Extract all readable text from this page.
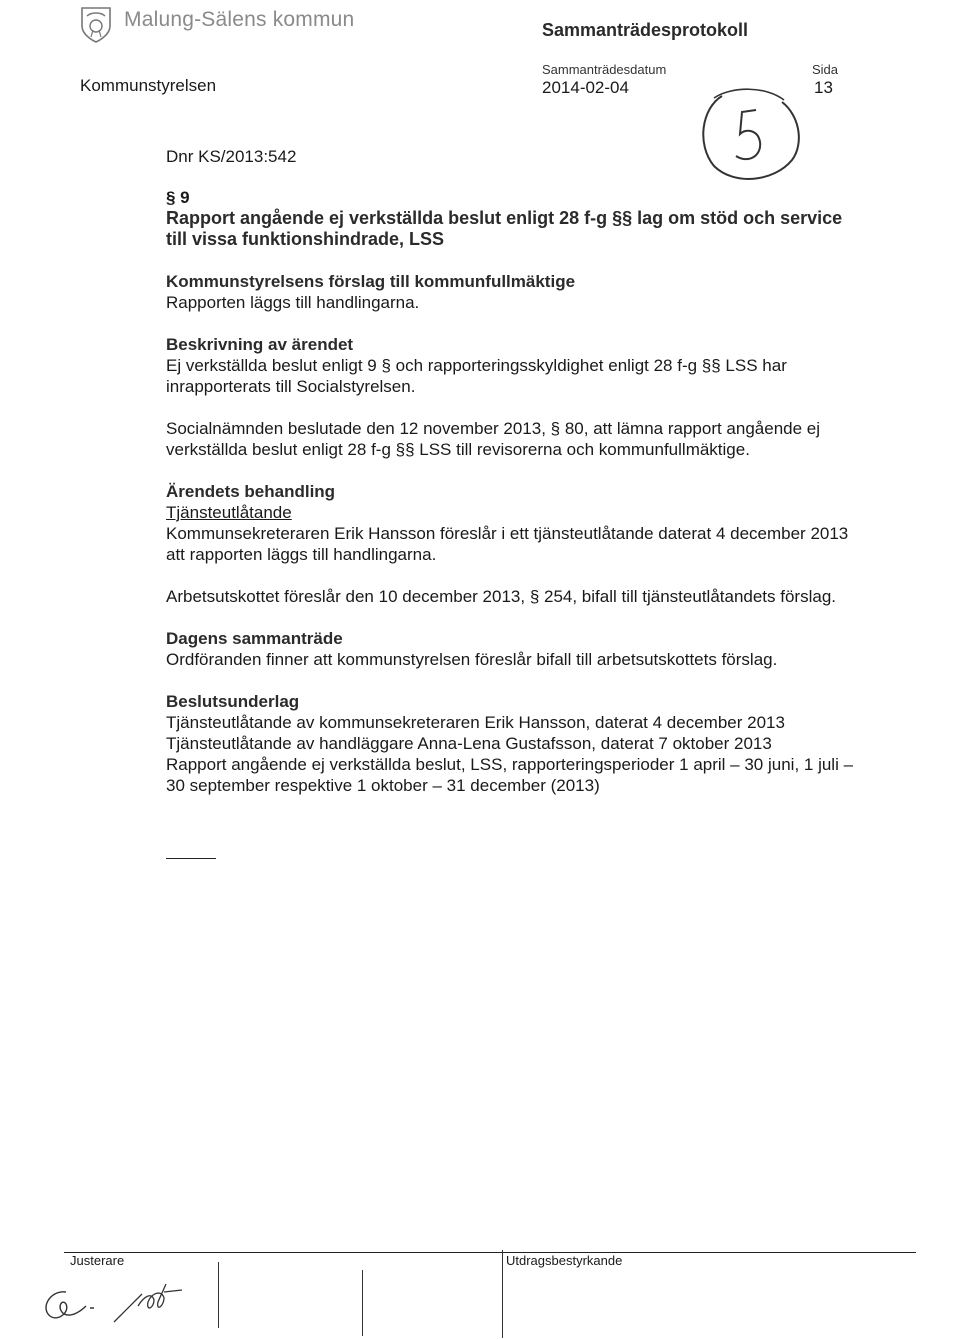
Malung-Sälens kommun	Sammanträdesprotokoll
Kommunstyrelsen
Sammanträdesdatum
2014-02-04
Sida
13

Dnr KS/2013:542

§ 9

Rapport angående ej verkställda beslut enligt 28 f-g §§ lag om stöd och service till vissa funktionshindrade, LSS

Kommunstyrelsens förslag till kommunfullmäktige

Rapporten läggs till handlingarna.

Beskrivning av ärendet

Ej verkställda beslut enligt 9 § och rapporteringsskyldighet enligt 28 f-g §§ LSS har inrapporterats till Socialstyrelsen.

Socialnämnden beslutade den 12 november 2013, § 80, att lämna rapport angående ej verkställda beslut enligt 28 f-g §§ LSS till revisorerna och kommunfullmäktige.

Ärendets behandling

Tjänsteutlåtande

Kommunsekreteraren Erik Hansson föreslår i ett tjänsteutlåtande daterat 4 december 2013 att rapporten läggs till handlingarna.

Arbetsutskottet föreslår den 10 december 2013, § 254, bifall till tjänsteutlåtandets förslag.

Dagens sammanträde

Ordföranden finner att kommunstyrelsen föreslår bifall till arbetsutskottets förslag.

Beslutsunderlag

Tjänsteutlåtande av kommunsekreteraren Erik Hansson, daterat 4 december 2013

Tjänsteutlåtande av handläggare Anna-Lena Gustafsson, daterat 7 oktober 2013

Rapport angående ej verkställda beslut, LSS, rapporteringsperioder 1 april – 30 juni, 1 juli – 30 september respektive 1 oktober – 31 december (2013)

Justerare	Utdragsbestyrkande
